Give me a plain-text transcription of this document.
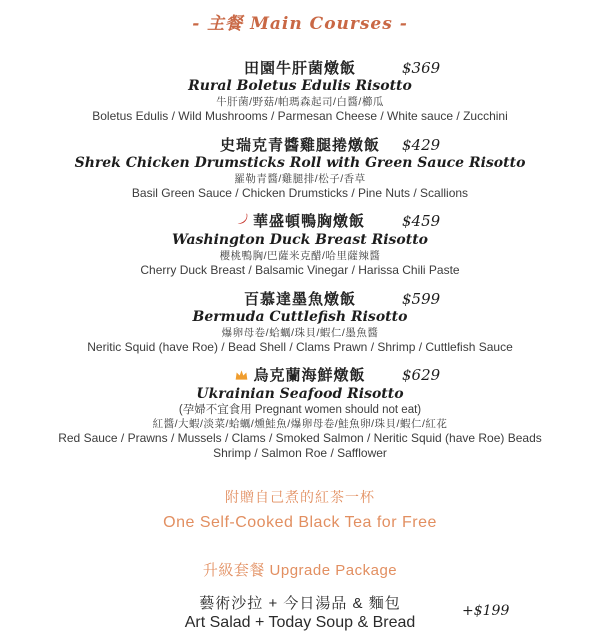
- 主餐 Main Courses -
田園牛肝菌燉飯	$369
Rural Boletus Edulis Risotto
牛肝菌/野菇/帕瑪森起司/白醬/櫛瓜
Boletus Edulis / Wild Mushrooms / Parmesan Cheese / White sauce / Zucchini
史瑞克青醬雞腿捲燉飯 $429
Shrek Chicken Drumsticks Roll with Green Sauce Risotto
羅勒青醬/雞腿排/松子/香草
Basil Green Sauce / Chicken Drumsticks / Pine Nuts / Scallions
華盛頓鴨胸燉飯 $459
Washington Duck Breast Risotto
櫻桃鴨胸/巴薩米克醋/哈里薩辣醬
Cherry Duck Breast / Balsamic Vinegar / Harissa Chili Paste
百慕達墨魚燉飯	$599
Bermuda Cuttlefish Risotto
爆卵母卷/蛤蠣/珠貝/蝦仁/墨魚醬
Neritic Squid (have Roe) / Bead Shell / Clams Prawn / Shrimp / Cuttlefish Sauce
烏克蘭海鮮燉飯 $629
Ukrainian Seafood Risotto
(孕婦不宜食用 Pregnant women should not eat)
紅醬/大蝦/淡菜/蛤蠣/燻鮭魚/爆卵母卷/鮭魚卵/珠貝/蝦仁/紅花
Red Sauce / Prawns / Mussels / Clams / Smoked Salmon / Neritic Squid (have Roe) Beads
Shrimp / Salmon Roe / Safflower
附贈自己煮的紅茶一杯
One Self-Cooked Black Tea for Free
升級套餐 Upgrade Package
藝術沙拉 + 今日湯品 & 麵包
Art Salad + Today Soup & Bread
+$199
